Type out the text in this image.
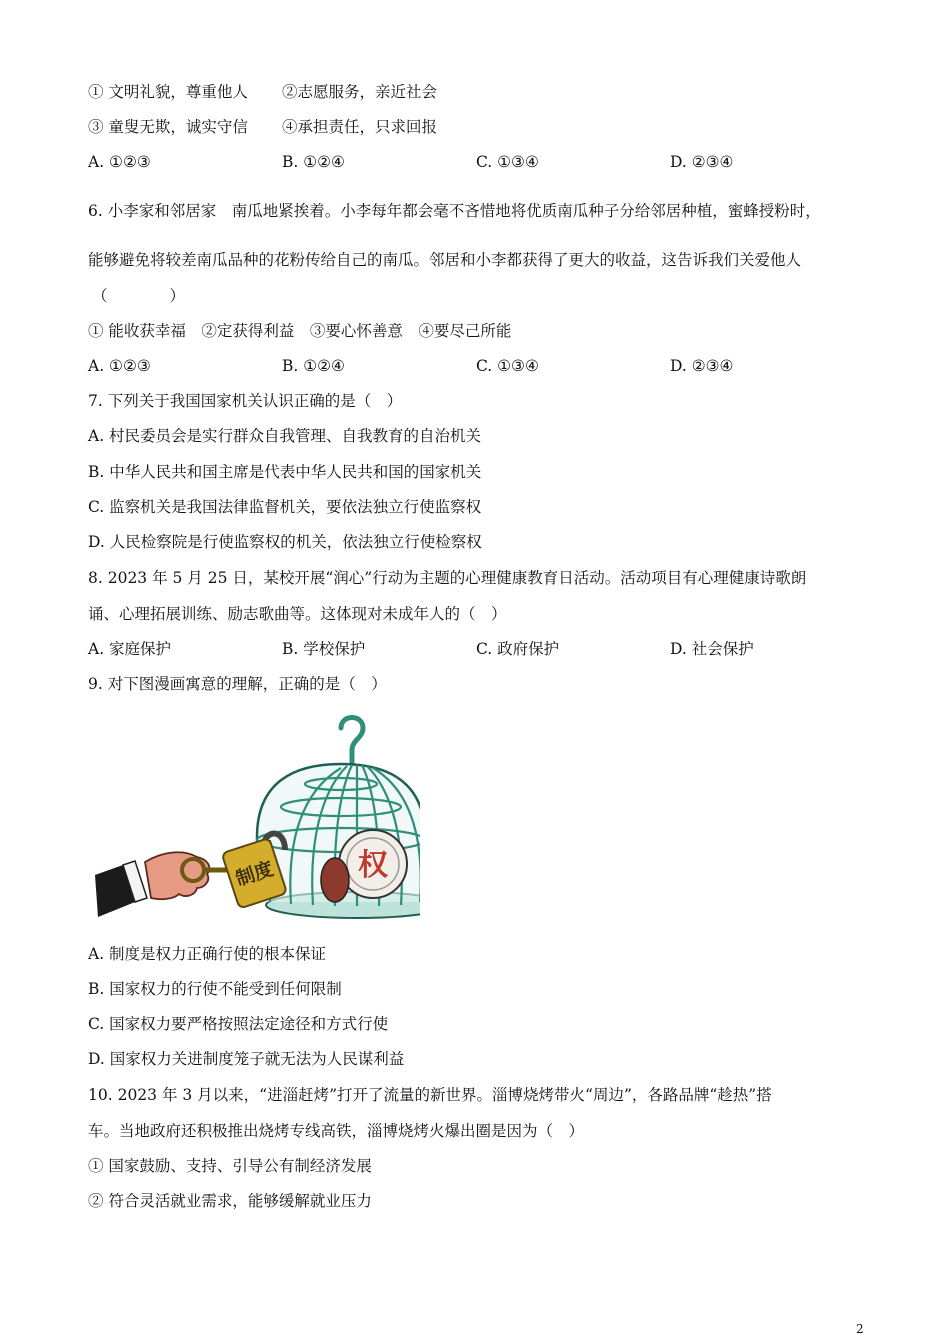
① 文明礼貌，尊重他人 ②志愿服务，亲近社会
③ 童叟无欺，诚实守信 ④承担责任，只求回报
A. ①②③	B. ①②④	C. ①③④	D. ②③④
6. 小李家和邻居家　南瓜地紧挨着。小李每年都会毫不吝惜地将优质南瓜种子分给邻居种植，蜜蜂授粉时，
能够避免将较差南瓜品种的花粉传给自己的南瓜。邻居和小李都获得了更大的收益，这告诉我们关爱他人
（　　　　）
① 能收获幸福　②定获得利益　③要心怀善意　④要尽己所能
A. ①②③	B. ①②④	C. ①③④	D. ②③④
7. 下列关于我国国家机关认识正确的是（　）
A. 村民委员会是实行群众自我管理、自我教育的自治机关
B. 中华人民共和国主席是代表中华人民共和国的国家机关
C. 监察机关是我国法律监督机关，要依法独立行使监察权
D. 人民检察院是行使监察权的机关，依法独立行使检察权
8. 2023 年 5 月 25 日，某校开展“润心”行动为主题的心理健康教育日活动。活动项目有心理健康诗歌朗
诵、心理拓展训练、励志歌曲等。这体现对未成年人的（　）
A. 家庭保护	B. 学校保护	C. 政府保护	D. 社会保护
9. 对下图漫画寓意的理解，正确的是（　）
权
制度
A. 制度是权力正确行使的根本保证
B. 国家权力的行使不能受到任何限制
C. 国家权力要严格按照法定途径和方式行使
D. 国家权力关进制度笼子就无法为人民谋利益
10. 2023 年 3 月以来，“进淄赶烤”打开了流量的新世界。淄博烧烤带火“周边”，各路品牌“趁热”搭
车。当地政府还积极推出烧烤专线高铁，淄博烧烤火爆出圈是因为（　）
① 国家鼓励、支持、引导公有制经济发展
② 符合灵活就业需求，能够缓解就业压力
2
